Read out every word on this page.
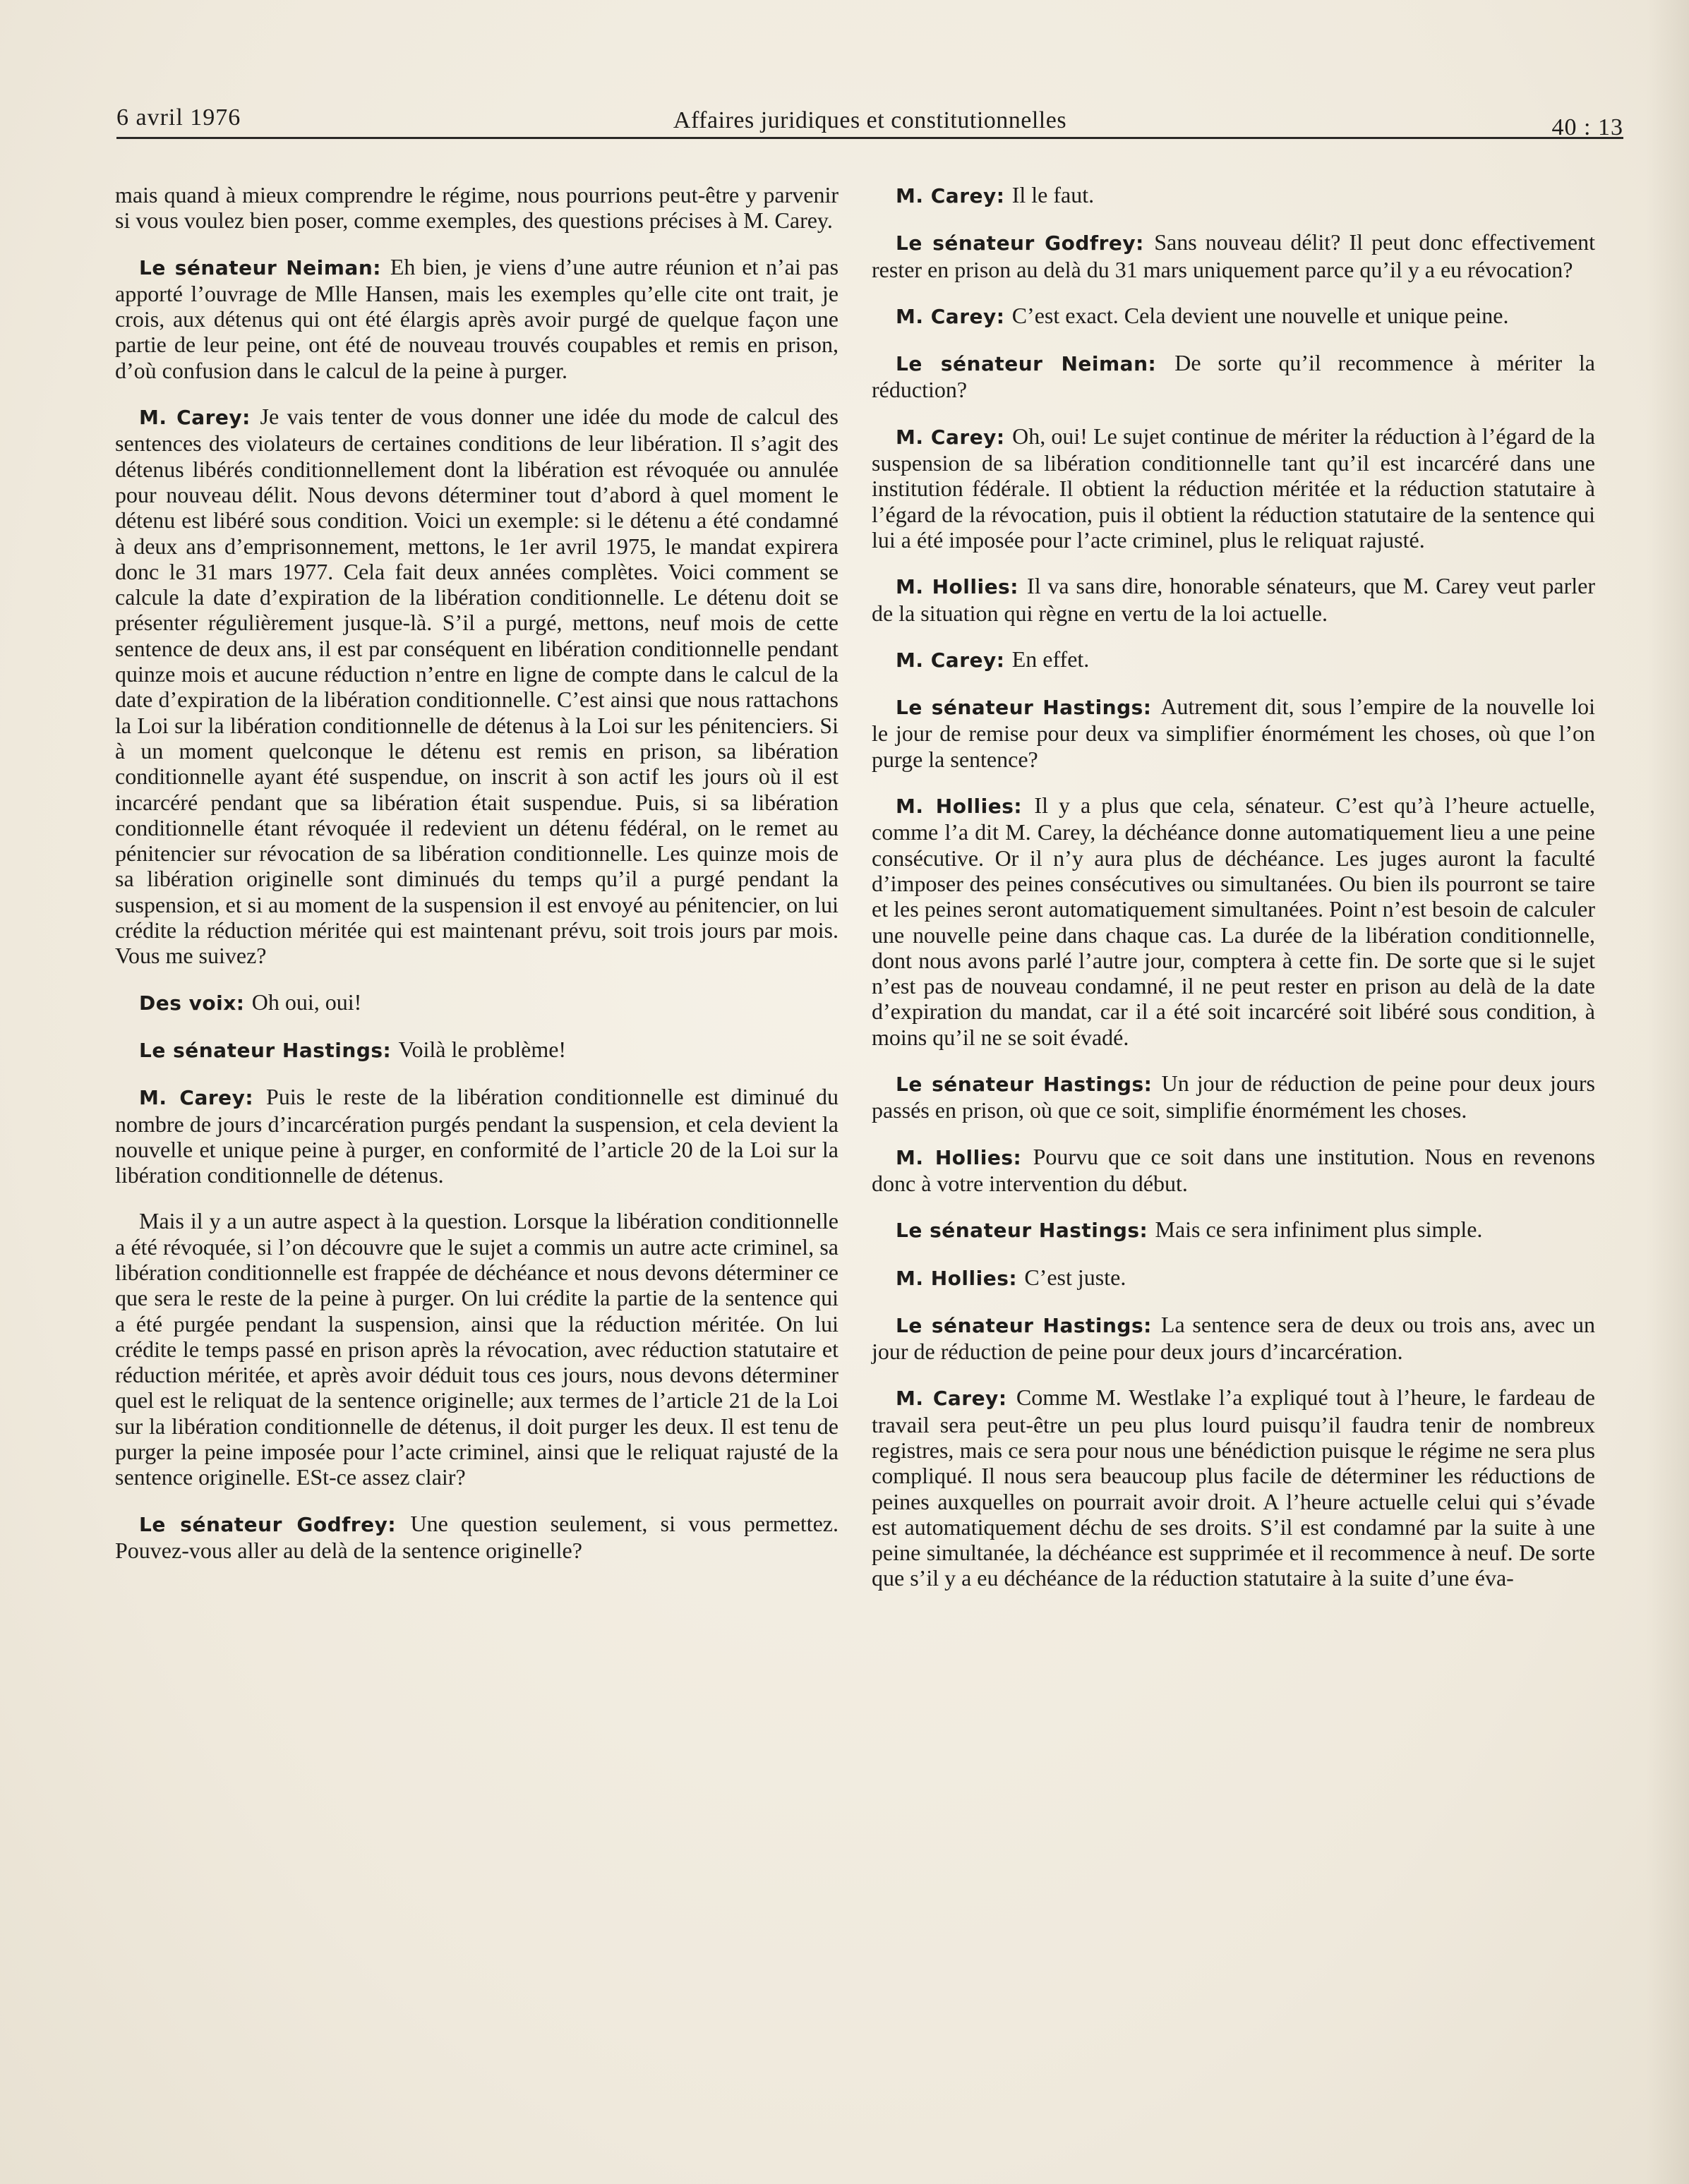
6 avril 1976	Affaires juridiques et constitutionnelles	40 : 13

mais quand à mieux comprendre le régime, nous pourrions peut-être y parvenir si vous voulez bien poser, comme exemples, des questions précises à M. Carey.

Le sénateur Neiman: Eh bien, je viens d’une autre réunion et n’ai pas apporté l’ouvrage de Mlle Hansen, mais les exemples qu’elle cite ont trait, je crois, aux détenus qui ont été élargis après avoir purgé de quelque façon une partie de leur peine, ont été de nouveau trouvés coupables et remis en prison, d’où confusion dans le calcul de la peine à purger.

M. Carey: Je vais tenter de vous donner une idée du mode de calcul des sentences des violateurs de certaines conditions de leur libération. Il s’agit des détenus libérés conditionnellement dont la libération est révoquée ou annulée pour nouveau délit. Nous devons déterminer tout d’abord à quel moment le détenu est libéré sous condition. Voici un exemple: si le détenu a été condamné à deux ans d’emprisonnement, mettons, le 1er avril 1975, le mandat expirera donc le 31 mars 1977. Cela fait deux années complètes. Voici comment se calcule la date d’expiration de la libération conditionnelle. Le détenu doit se présenter régulièrement jusque-là. S’il a purgé, mettons, neuf mois de cette sentence de deux ans, il est par conséquent en libération conditionnelle pendant quinze mois et aucune réduction n’entre en ligne de compte dans le calcul de la date d’expiration de la libération conditionnelle. C’est ainsi que nous rattachons la Loi sur la libération conditionnelle de détenus à la Loi sur les pénitenciers. Si à un moment quelconque le détenu est remis en prison, sa libération conditionnelle ayant été suspendue, on inscrit à son actif les jours où il est incarcéré pendant que sa libération était suspendue. Puis, si sa libération conditionnelle étant révoquée il redevient un détenu fédéral, on le remet au pénitencier sur révocation de sa libération conditionnelle. Les quinze mois de sa libération originelle sont diminués du temps qu’il a purgé pendant la suspension, et si au moment de la suspension il est envoyé au pénitencier, on lui crédite la réduction méritée qui est maintenant prévu, soit trois jours par mois. Vous me suivez?

Des voix: Oh oui, oui!

Le sénateur Hastings: Voilà le problème!

M. Carey: Puis le reste de la libération conditionnelle est diminué du nombre de jours d’incarcération purgés pendant la suspension, et cela devient la nouvelle et unique peine à purger, en conformité de l’article 20 de la Loi sur la libération conditionnelle de détenus.

Mais il y a un autre aspect à la question. Lorsque la libération conditionnelle a été révoquée, si l’on découvre que le sujet a commis un autre acte criminel, sa libération conditionnelle est frappée de déchéance et nous devons déterminer ce que sera le reste de la peine à purger. On lui crédite la partie de la sentence qui a été purgée pendant la suspension, ainsi que la réduction méritée. On lui crédite le temps passé en prison après la révocation, avec réduction statutaire et réduction méritée, et après avoir déduit tous ces jours, nous devons déterminer quel est le reliquat de la sentence originelle; aux termes de l’article 21 de la Loi sur la libération conditionnelle de détenus, il doit purger les deux. Il est tenu de purger la peine imposée pour l’acte criminel, ainsi que le reliquat rajusté de la sentence originelle. ESt-ce assez clair?

Le sénateur Godfrey: Une question seulement, si vous permettez. Pouvez-vous aller au delà de la sentence originelle?

M. Carey: Il le faut.

Le sénateur Godfrey: Sans nouveau délit? Il peut donc effectivement rester en prison au delà du 31 mars uniquement parce qu’il y a eu révocation?

M. Carey: C’est exact. Cela devient une nouvelle et unique peine.

Le sénateur Neiman: De sorte qu’il recommence à mériter la réduction?

M. Carey: Oh, oui! Le sujet continue de mériter la réduction à l’égard de la suspension de sa libération conditionnelle tant qu’il est incarcéré dans une institution fédérale. Il obtient la réduction méritée et la réduction statutaire à l’égard de la révocation, puis il obtient la réduction statutaire de la sentence qui lui a été imposée pour l’acte criminel, plus le reliquat rajusté.

M. Hollies: Il va sans dire, honorable sénateurs, que M. Carey veut parler de la situation qui règne en vertu de la loi actuelle.

M. Carey: En effet.

Le sénateur Hastings: Autrement dit, sous l’empire de la nouvelle loi le jour de remise pour deux va simplifier énormément les choses, où que l’on purge la sentence?

M. Hollies: Il y a plus que cela, sénateur. C’est qu’à l’heure actuelle, comme l’a dit M. Carey, la déchéance donne automatiquement lieu a une peine consécutive. Or il n’y aura plus de déchéance. Les juges auront la faculté d’imposer des peines consécutives ou simultanées. Ou bien ils pourront se taire et les peines seront automatiquement simultanées. Point n’est besoin de calculer une nouvelle peine dans chaque cas. La durée de la libération conditionnelle, dont nous avons parlé l’autre jour, comptera à cette fin. De sorte que si le sujet n’est pas de nouveau condamné, il ne peut rester en prison au delà de la date d’expiration du mandat, car il a été soit incarcéré soit libéré sous condition, à moins qu’il ne se soit évadé.

Le sénateur Hastings: Un jour de réduction de peine pour deux jours passés en prison, où que ce soit, simplifie énormément les choses.

M. Hollies: Pourvu que ce soit dans une institution. Nous en revenons donc à votre intervention du début.

Le sénateur Hastings: Mais ce sera infiniment plus simple.

M. Hollies: C’est juste.

Le sénateur Hastings: La sentence sera de deux ou trois ans, avec un jour de réduction de peine pour deux jours d’incarcération.

M. Carey: Comme M. Westlake l’a expliqué tout à l’heure, le fardeau de travail sera peut-être un peu plus lourd puisqu’il faudra tenir de nombreux registres, mais ce sera pour nous une bénédiction puisque le régime ne sera plus compliqué. Il nous sera beaucoup plus facile de déterminer les réductions de peines auxquelles on pourrait avoir droit. A l’heure actuelle celui qui s’évade est automatiquement déchu de ses droits. S’il est condamné par la suite à une peine simultanée, la déchéance est supprimée et il recommence à neuf. De sorte que s’il y a eu déchéance de la réduction statutaire à la suite d’une éva-
